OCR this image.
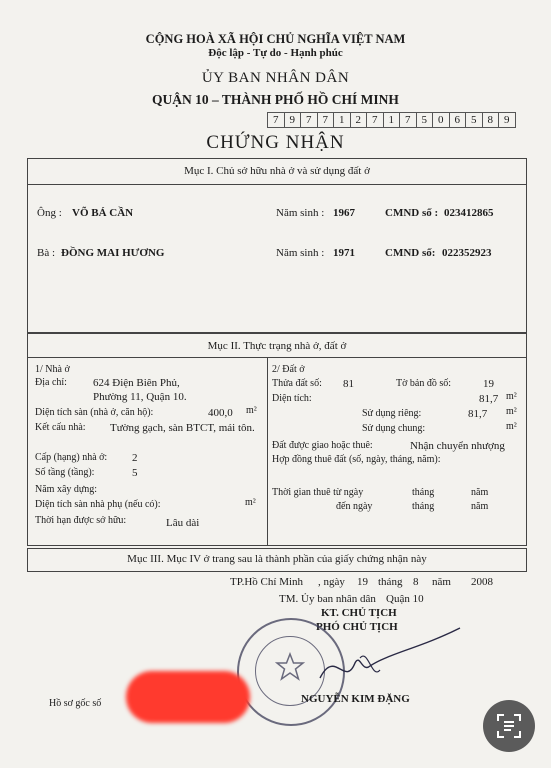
CỘNG HOÀ XÃ HỘI CHỦ NGHĨA VIỆT NAM
Độc lập - Tự do - Hạnh phúc
ỦY BAN NHÂN DÂN
QUẬN 10 – THÀNH PHỐ HỒ CHÍ MINH
7	9	7	7	1	2	7	1	7	5	0	6	5	8	9
CHỨNG NHẬN
Mục I. Chủ sở hữu nhà ở và sử dụng đất ở
Ông : VÕ BÁ CẦN	Năm sinh : 1967	CMND số : 023412865
Bà : ĐỒNG MAI HƯƠNG	Năm sinh : 1971	CMND số: 022352923
Mục II. Thực trạng nhà ở, đất ở
1/ Nhà ở
Địa chỉ: 624 Điện Biên Phủ,
Phường 11, Quận 10.
Diện tích sàn (nhà ở, căn hộ):	400,0 m²
Kết cấu nhà: Tường gạch, sàn BTCT, mái tôn.
Cấp (hạng) nhà ở: 2
Số tầng (tầng):	5
Năm xây dựng:
Diện tích sàn nhà phụ (nếu có):	m²
Thời hạn được sở hữu:	Lâu dài
2/ Đất ở
Thửa đất số: 81	Tờ bản đồ số:	19
Diện tích:	81,7 m²
Sử dụng riêng:	81,7 m²
Sử dụng chung:	m²
Đất được giao hoặc thuê:	Nhận chuyển nhượng
Hợp đồng thuê đất (số, ngày, tháng, năm):
Thời gian thuê từ ngày	tháng	năm
đến ngày	tháng	năm
Mục III. Mục IV ở trang sau là thành phần của giấy chứng nhận này
TP.Hồ Chí Minh , ngày 19 tháng 8 năm 2008
TM. Ủy ban nhân dân Quận 10
KT. CHỦ TỊCH
PHÓ CHỦ TỊCH
NGUYỄN KIM ĐẶNG
Hồ sơ gốc số
